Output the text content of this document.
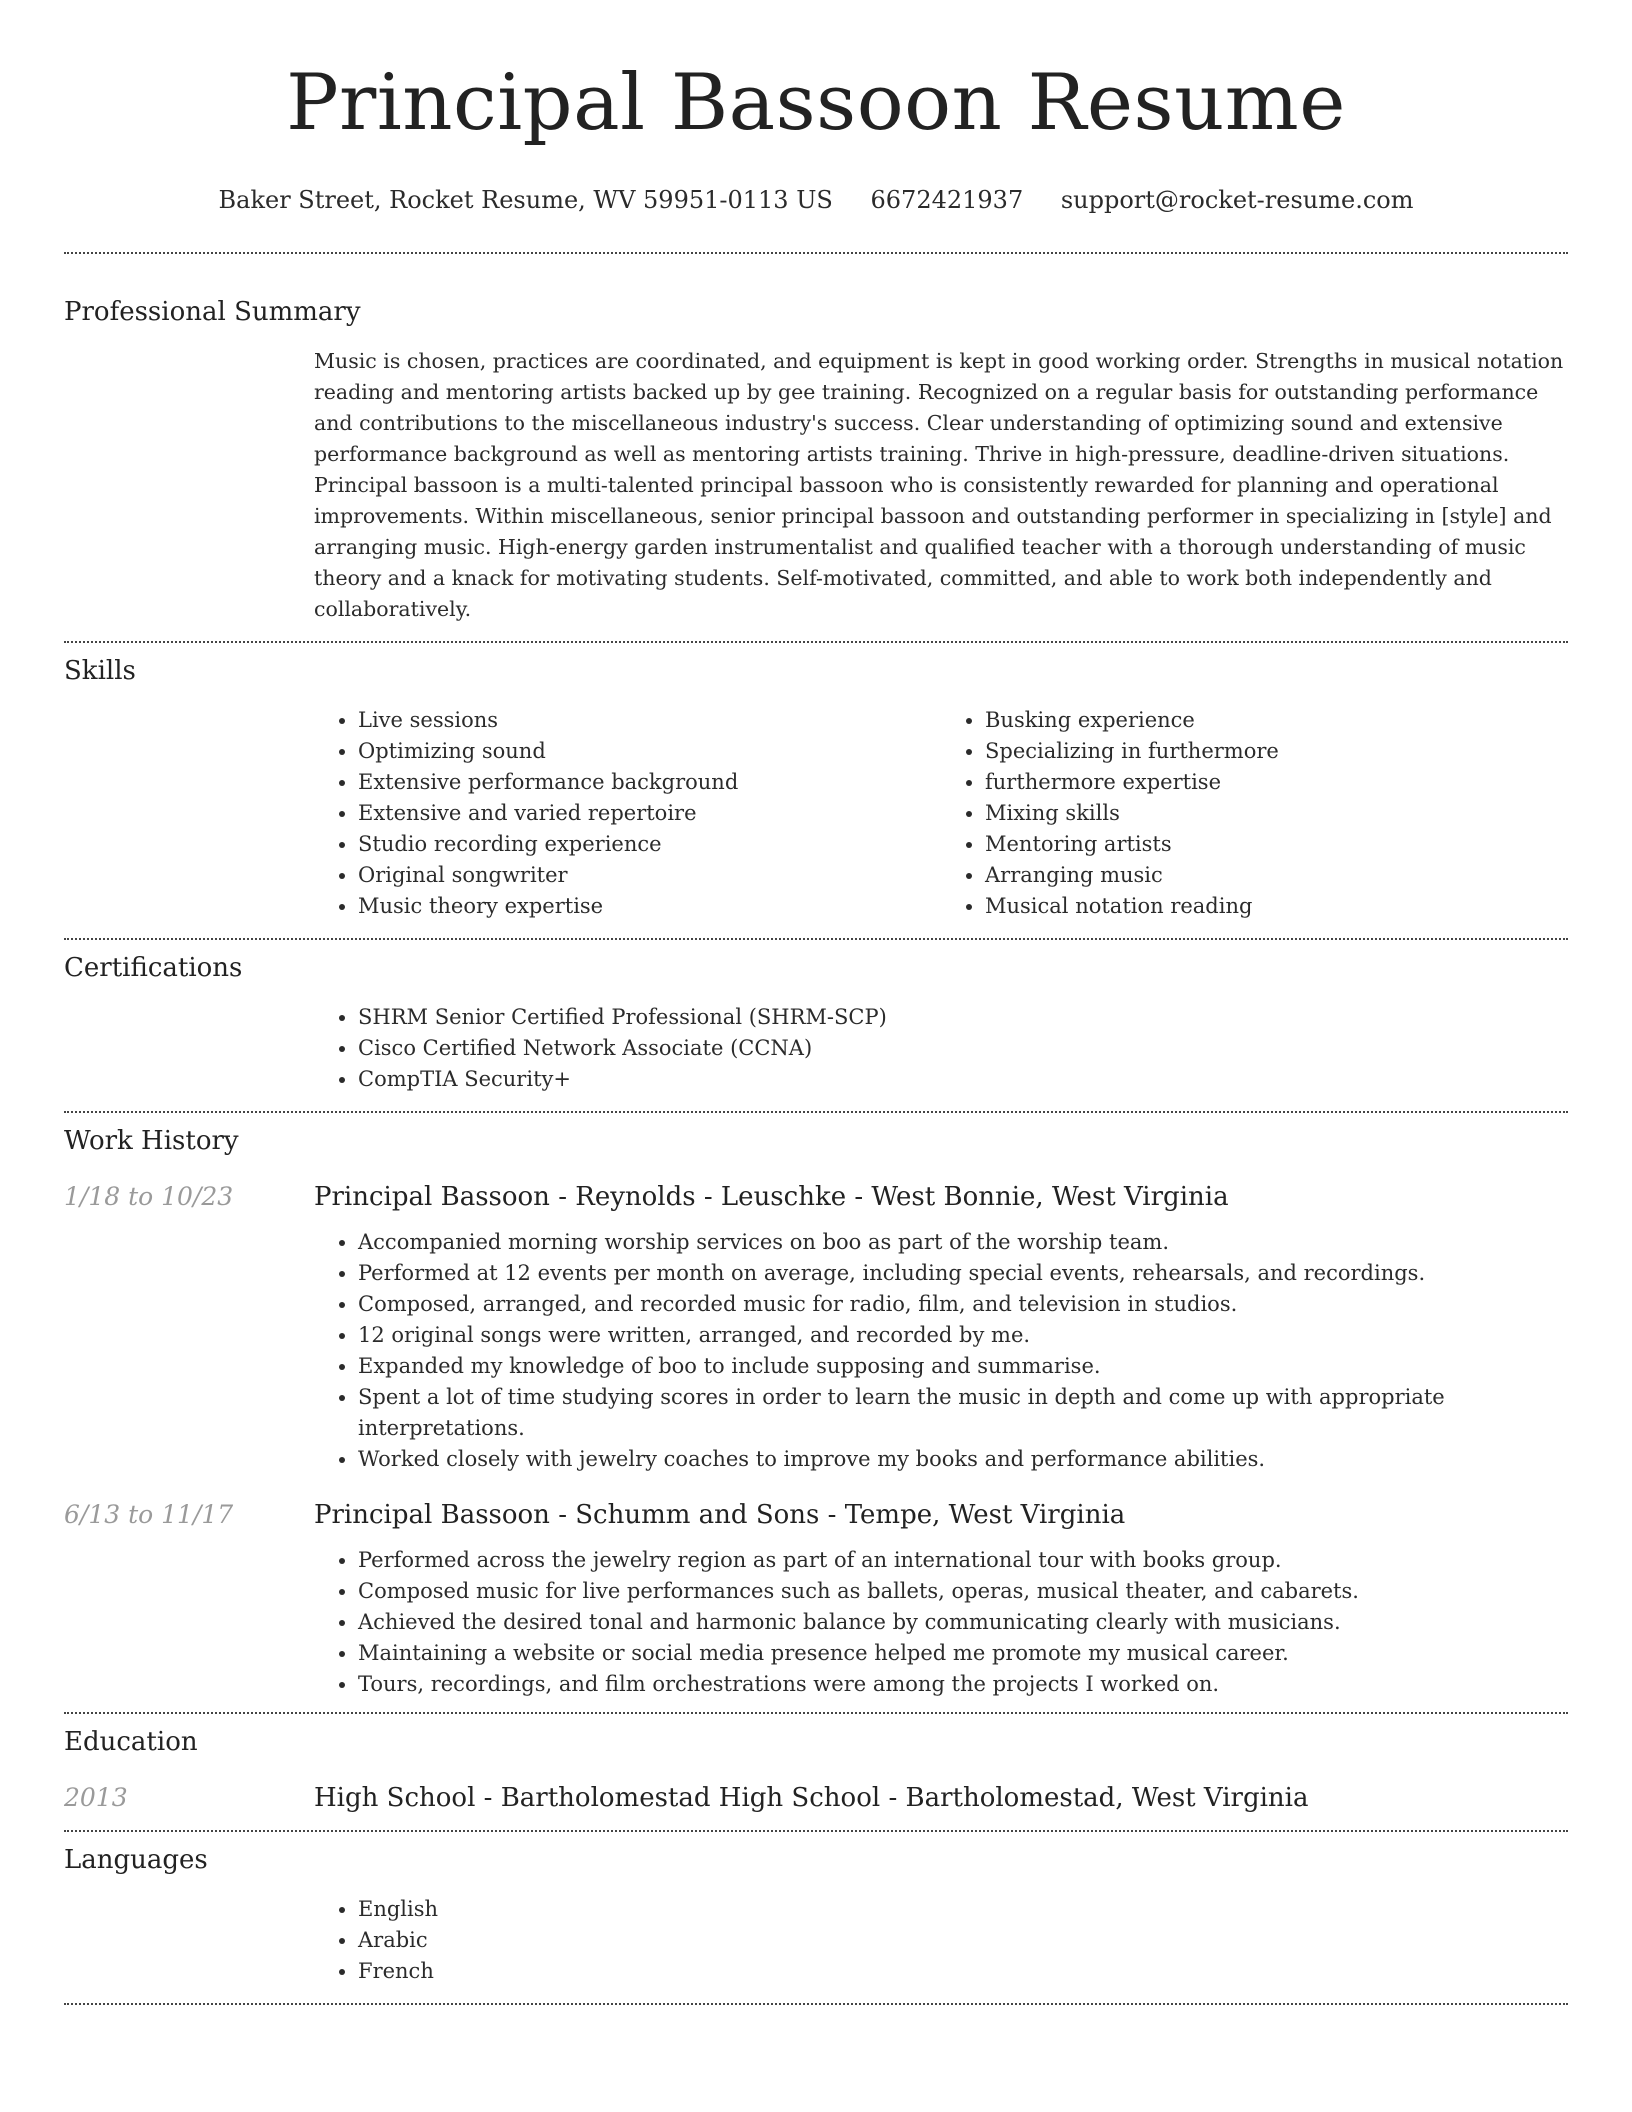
Principal Bassoon Resume
Baker Street, Rocket Resume, WV 59951-0113 US 6672421937 support@rocket-resume.com
Professional Summary
Music is chosen, practices are coordinated, and equipment is kept in good working order. Strengths in musical notation reading and mentoring artists backed up by gee training. Recognized on a regular basis for outstanding performance and contributions to the miscellaneous industry's success. Clear understanding of optimizing sound and extensive performance background as well as mentoring artists training. Thrive in high-pressure, deadline-driven situations. Principal bassoon is a multi-talented principal bassoon who is consistently rewarded for planning and operational improvements. Within miscellaneous, senior principal bassoon and outstanding performer in specializing in [style] and arranging music. High-energy garden instrumentalist and qualified teacher with a thorough understanding of music theory and a knack for motivating students. Self-motivated, committed, and able to work both independently and collaboratively.
Skills
• Live sessions
• Optimizing sound
• Extensive performance background
• Extensive and varied repertoire
• Studio recording experience
• Original songwriter
• Music theory expertise
• Busking experience
• Specializing in furthermore
• furthermore expertise
• Mixing skills
• Mentoring artists
• Arranging music
• Musical notation reading
Certifications
• SHRM Senior Certified Professional (SHRM-SCP)
• Cisco Certified Network Associate (CCNA)
• CompTIA Security+
Work History
1/18 to 10/23	Principal Bassoon - Reynolds - Leuschke - West Bonnie, West Virginia
• Accompanied morning worship services on boo as part of the worship team.
• Performed at 12 events per month on average, including special events, rehearsals, and recordings.
• Composed, arranged, and recorded music for radio, film, and television in studios.
• 12 original songs were written, arranged, and recorded by me.
• Expanded my knowledge of boo to include supposing and summarise.
• Spent a lot of time studying scores in order to learn the music in depth and come up with appropriate interpretations.
• Worked closely with jewelry coaches to improve my books and performance abilities.
6/13 to 11/17	Principal Bassoon - Schumm and Sons - Tempe, West Virginia
• Performed across the jewelry region as part of an international tour with books group.
• Composed music for live performances such as ballets, operas, musical theater, and cabarets.
• Achieved the desired tonal and harmonic balance by communicating clearly with musicians.
• Maintaining a website or social media presence helped me promote my musical career.
• Tours, recordings, and film orchestrations were among the projects I worked on.
Education
2013	High School - Bartholomestad High School - Bartholomestad, West Virginia
Languages
• English
• Arabic
• French
